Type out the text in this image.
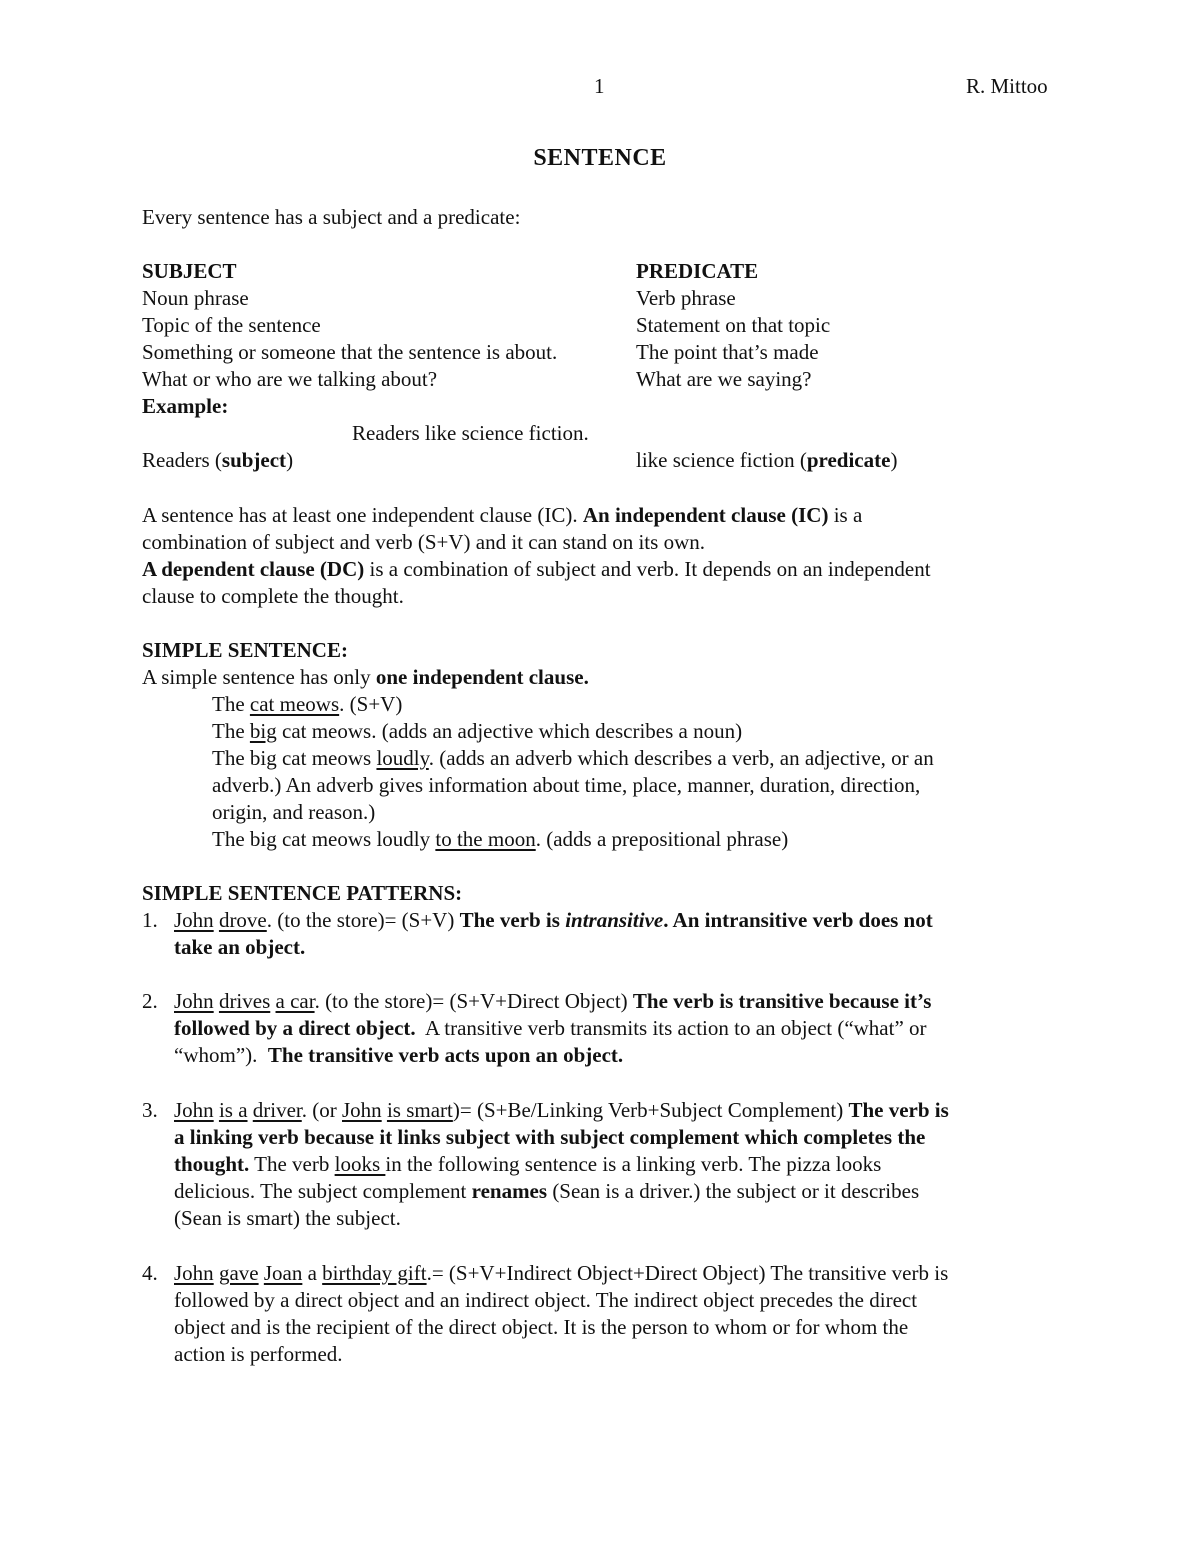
1	R. Mittoo
SENTENCE
Every sentence has a subject and a predicate:
SUBJECT
Noun phrase
Topic of the sentence
Something or someone that the sentence is about.
What or who are we talking about?
PREDICATE
Verb phrase
Statement on that topic
The point that’s made
What are we saying?
Example:
Readers like science fiction.
Readers (subject)	like science fiction (predicate)
A sentence has at least one independent clause (IC). An independent clause (IC) is a
combination of subject and verb (S+V) and it can stand on its own.
A dependent clause (DC) is a combination of subject and verb. It depends on an independent
clause to complete the thought.
SIMPLE SENTENCE:
A simple sentence has only one independent clause.
The cat meows. (S+V)
The big cat meows. (adds an adjective which describes a noun)
The big cat meows loudly. (adds an adverb which describes a verb, an adjective, or an
adverb.) An adverb gives information about time, place, manner, duration, direction,
origin, and reason.)
The big cat meows loudly to the moon. (adds a prepositional phrase)
SIMPLE SENTENCE PATTERNS:
1. John drove. (to the store)= (S+V) The verb is intransitive. An intransitive verb does not
take an object.
2. John drives a car. (to the store)= (S+V+Direct Object) The verb is transitive because it’s
followed by a direct object.  A transitive verb transmits its action to an object (“what” or
“whom”).  The transitive verb acts upon an object.
3. John is a driver. (or John is smart)= (S+Be/Linking Verb+Subject Complement) The verb is
a linking verb because it links subject with subject complement which completes the
thought. The verb looks in the following sentence is a linking verb. The pizza looks
delicious. The subject complement renames (Sean is a driver.) the subject or it describes
(Sean is smart) the subject.
4. John gave Joan a birthday gift.= (S+V+Indirect Object+Direct Object) The transitive verb is
followed by a direct object and an indirect object. The indirect object precedes the direct
object and is the recipient of the direct object. It is the person to whom or for whom the
action is performed.
